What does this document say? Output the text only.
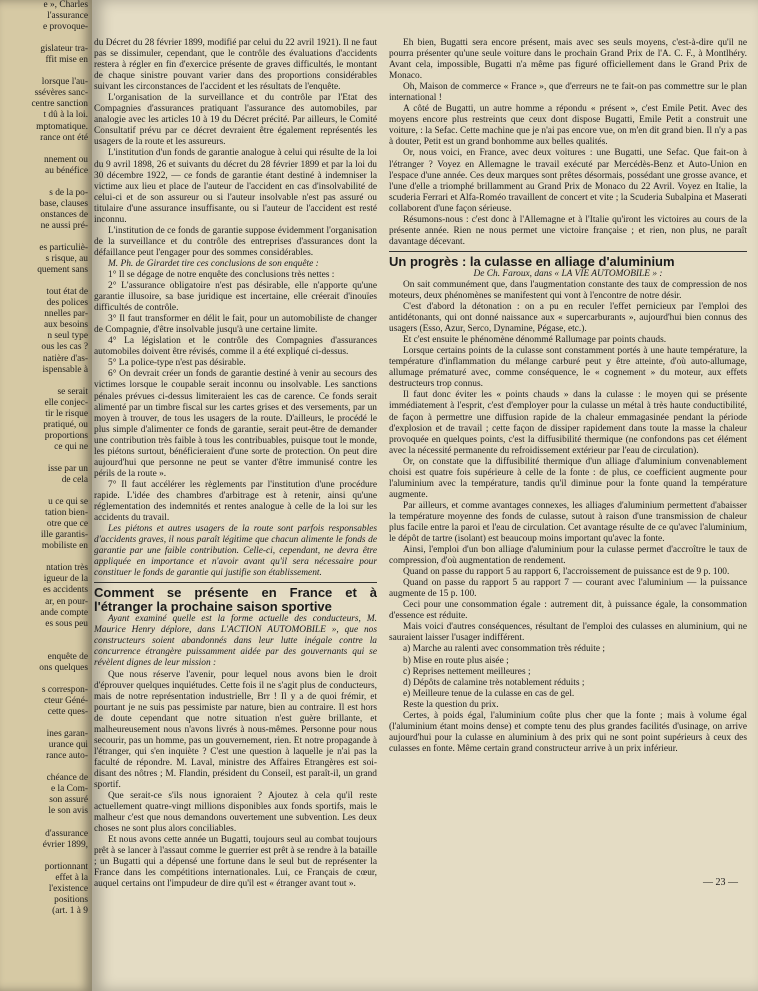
e », Charles

l'assurance

e provoque-

gislateur tra-

ffit mise en

lorsque l'au-

ssévères sanc-

centre sanction

t dû à la loi.

mptomatique.

rance ont été

nnement ou

au bénéfice

s de la po-

base, clauses

onstances de

ne aussi pré-

es particuliè-

s risque, au

quement sans

tout état de

des polices

nnelles par-

aux besoins

n seul type

ous les cas ?

natière d'as-

ispensable à

se serait

elle conjec-

tir le risque

pratiqué, ou

proportions

ce qui ne

isse par un

de cela

u ce qui se

tation bien-

otre que ce

ille garantis-

mobiliste en

ntation très

igueur de la

es accidents

ar, en pour-

ande compte

es sous peu

enquête de

ons quelques

s correspon-

cteur Géné-

cette ques-

ines garan-

urance qui

rance auto-

chéance de

e la Com-

son assuré

le son avis

d'assurance

évrier 1899,

portionnant

effet à la

l'existence

positions

(art. 1 à 9

du Décret du 28 février 1899, modifié par celui du 22 avril 1921). Il ne faut pas se dissimuler, cependant, que le contrôle des évaluations d'accidents restera à régler en fin d'exercice présente de graves difficultés, le montant de chaque sinistre pouvant varier dans des proportions considérables suivant les circonstances de l'accident et les résultats de l'enquête.

L'organisation de la surveillance et du contrôle par l'Etat des Compagnies d'assurances pratiquant l'assurance des automobiles, par analogie avec les articles 10 à 19 du Décret précité. Par ailleurs, le Comité Consultatif prévu par ce décret devraient être également représentés les usagers de la route et les assureurs.

L'institution d'un fonds de garantie analogue à celui qui résulte de la loi du 9 avril 1898, 26 et suivants du décret du 28 février 1899 et par la loi du 30 décembre 1922, — ce fonds de garantie étant destiné à indemniser la victime aux lieu et place de l'auteur de l'accident en cas d'insolvabilité de celui-ci et de son assureur ou si l'auteur insolvable n'est pas assuré ou titulaire d'une assurance insuffisante, ou si l'auteur de l'accident est resté inconnu.

L'institution de ce fonds de garantie suppose évidemment l'organisation de la surveillance et du contrôle des entreprises d'assurances dont la défaillance peut l'engager pour des sommes considérables.

M. Ph. de Girardet tire ces conclusions de son enquête :

1° Il se dégage de notre enquête des conclusions très nettes :

2° L'assurance obligatoire n'est pas désirable, elle n'apporte qu'une garantie illusoire, sa base juridique est incertaine, elle créerait d'inouïes difficultés de contrôle.

3° Il faut transformer en délit le fait, pour un automobiliste de changer de Compagnie, d'être insolvable jusqu'à une certaine limite.

4° La législation et le contrôle des Compagnies d'assurances automobiles doivent être révisés, comme il a été expliqué ci-dessus.

5° La police-type n'est pas désirable.

6° On devrait créer un fonds de garantie destiné à venir au secours des victimes lorsque le coupable serait inconnu ou insolvable. Les sanctions pénales prévues ci-dessus limiteraient les cas de carence. Ce fonds serait alimenté par un timbre fiscal sur les cartes grises et des versements, par un moyen à trouver, de tous les usagers de la route. D'ailleurs, le procédé le plus simple d'alimenter ce fonds de garantie, serait peut-être de demander une contribution très faible à tous les contribuables, puisque tout le monde, les piétons surtout, bénéficieraient d'une sorte de protection. On peut dire aujourd'hui que personne ne peut se vanter d'être immunisé contre les périls de la route ».

7° Il faut accélérer les règlements par l'institution d'une procédure rapide. L'idée des chambres d'arbitrage est à retenir, ainsi qu'une réglementation des indemnités et rentes analogue à celle de la loi sur les accidents du travail.

Les piétons et autres usagers de la route sont parfois responsables d'accidents graves, il nous paraît légitime que chacun alimente le fonds de garantie par une faible contribution. Celle-ci, cependant, ne devra être appliquée en importance et n'avoir avant qu'il sera nécessaire pour constituer le fonds de garantie qui justifie son établissement.

Comment se présente en France et à l'étranger la prochaine saison sportive

Ayant examiné quelle est la forme actuelle des conducteurs, M. Maurice Henry déplore, dans L'ACTION AUTOMOBILE », que nos constructeurs soient abandonnés dans leur lutte inégale contre la concurrence étrangère puissamment aidée par des gouvernants qui se révèlent dignes de leur mission :

Que nous réserve l'avenir, pour lequel nous avons bien le droit d'éprouver quelques inquiétudes. Cette fois il ne s'agit plus de conducteurs, mais de notre représentation industrielle, Brr ! Il y a de quoi frémir, et pourtant je ne suis pas pessimiste par nature, bien au contraire. Il est hors de doute cependant que notre situation n'est guère brillante, et malheureusement nous n'avons livrés à nous-mêmes. Personne pour nous secourir, pas un homme, pas un gouvernement, rien. Et notre propagande à l'étranger, qui s'en inquiète ? C'est une question à laquelle je n'ai pas la faculté de répondre. M. Laval, ministre des Affaires Etrangères est soi-disant des nôtres ; M. Flandin, président du Conseil, est paraît-il, un grand sportif.

Que serait-ce s'ils nous ignoraient ? Ajoutez à cela qu'il reste actuellement quatre-vingt millions disponibles aux fonds sportifs, mais le malheur c'est que nous demandons ouvertement une subvention. Les deux choses ne sont plus alors conciliables.

Et nous avons cette année un Bugatti, toujours seul au combat toujours prêt à se lancer à l'assaut comme le guerrier est prêt à se rendre à la bataille ; un Bugatti qui a dépensé une fortune dans le seul but de représenter la France dans les compétitions internationales. Lui, ce Français de cœur, auquel certains ont l'impudeur de dire qu'il est « étranger avant tout ».

Eh bien, Bugatti sera encore présent, mais avec ses seuls moyens, c'est-à-dire qu'il ne pourra présenter qu'une seule voiture dans le prochain Grand Prix de l'A. C. F., à Montlhéry. Avant cela, impossible, Bugatti n'a même pas figuré officiellement dans le Grand Prix de Monaco.

Oh, Maison de commerce « France », que d'erreurs ne te fait-on pas commettre sur le plan international !

A côté de Bugatti, un autre homme a répondu « présent », c'est Emile Petit. Avec des moyens encore plus restreints que ceux dont dispose Bugatti, Emile Petit a construit une voiture, : la Sefac. Cette machine que je n'ai pas encore vue, on m'en dit grand bien. Il n'y a pas à douter, Petit est un grand bonhomme aux belles qualités.

Or, nous voici, en France, avec deux voitures : une Bugatti, une Sefac. Que fait-on à l'étranger ? Voyez en Allemagne le travail exécuté par Mercédès-Benz et Auto-Union en l'espace d'une année. Ces deux marques sont prêtes désormais, possédant une grosse avance, et l'une d'elle a triomphé brillamment au Grand Prix de Monaco du 22 Avril. Voyez en Italie, la scuderia Ferrari et Alfa-Roméo travaillent de concert et vite ; la Scuderia Subalpina et Maserati collaborent d'une façon sérieuse.

Résumons-nous : c'est donc à l'Allemagne et à l'Italie qu'iront les victoires au cours de la présente année. Rien ne nous permet une victoire française ; et rien, non plus, ne paraît davantage décevant.

Un progrès : la culasse en alliage d'aluminium

De Ch. Faroux, dans « LA VIE AUTOMOBILE » :

On sait communément que, dans l'augmentation constante des taux de compression de nos moteurs, deux phénomènes se manifestent qui vont à l'encontre de notre désir.

C'est d'abord la détonation : on a pu en reculer l'effet pernicieux par l'emploi des antidétonants, qui ont donné naissance aux « supercarburants », aujourd'hui bien connus des usagers (Esso, Azur, Serco, Dynamine, Pégase, etc.).

Et c'est ensuite le phénomène dénommé Rallumage par points chauds.

Lorsque certains points de la culasse sont constamment portés à une haute température, la température d'inflammation du mélange carburé peut y être atteinte, d'où auto-allumage, allumage prématuré avec, comme conséquence, le « cognement » du moteur, aux effets destructeurs trop connus.

Il faut donc éviter les « points chauds » dans la culasse : le moyen qui se présente immédiatement à l'esprit, c'est d'employer pour la culasse un métal à très haute conductibilité, de façon à permettre une diffusion rapide de la chaleur emmagasinée pendant la période d'explosion et de travail ; cette façon de dissiper rapidement dans toute la masse la chaleur provoquée en quelques points, c'est la diffusibilité thermique (ne confondons pas cet élément avec la nécessité permanente du refroidissement extérieur par l'eau de circulation).

Or, on constate que la diffusibilité thermique d'un alliage d'aluminium convenablement choisi est quatre fois supérieure à celle de la fonte : de plus, ce coefficient augmente pour l'aluminium avec la température, tandis qu'il diminue pour la fonte quand la température augmente.

Par ailleurs, et comme avantages connexes, les alliages d'aluminium permettent d'abaisser la température moyenne des fonds de culasse, sutout à raison d'une transmission de chaleur plus facile entre la paroi et l'eau de circulation. Cet avantage résulte de ce qu'avec l'aluminium, le dépôt de tartre (isolant) est beaucoup moins important qu'avec la fonte.

Ainsi, l'emploi d'un bon alliage d'aluminium pour la culasse permet d'accroître le taux de compression, d'où augmentation de rendement.

Quand on passe du rapport 5 au rapport 6, l'accroissement de puissance est de 9 p. 100.

Quand on passe du rapport 5 au rapport 7 — courant avec l'aluminium — la puissance augmente de 15 p. 100.

Ceci pour une consommation égale : autrement dit, à puissance égale, la consommation d'essence est réduite.

Mais voici d'autres conséquences, résultant de l'emploi des culasses en aluminium, qui ne sauraient laisser l'usager indifférent.

a) Marche au ralenti avec consommation très réduite ;

b) Mise en route plus aisée ;

c) Reprises nettement meilleures ;

d) Dépôts de calamine très notablement réduits ;

e) Meilleure tenue de la culasse en cas de gel.

Reste la question du prix.

Certes, à poids égal, l'aluminium coûte plus cher que la fonte ; mais à volume égal (l'aluminium étant moins dense) et compte tenu des plus grandes facilités d'usinage, on arrive aujourd'hui pour la culasse en aluminium à des prix qui ne sont point supérieurs à ceux des culasses en fonte. Même certain grand constructeur arrive à un prix inférieur.

— 23 —
